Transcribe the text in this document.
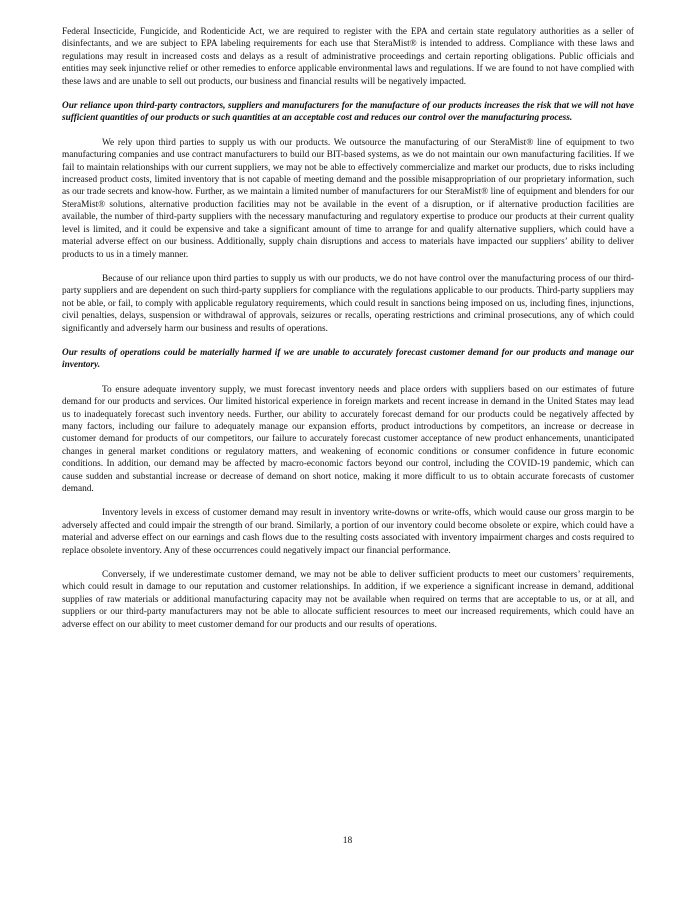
Federal Insecticide, Fungicide, and Rodenticide Act, we are required to register with the EPA and certain state regulatory authorities as a seller of disinfectants, and we are subject to EPA labeling requirements for each use that SteraMist® is intended to address. Compliance with these laws and regulations may result in increased costs and delays as a result of administrative proceedings and certain reporting obligations. Public officials and entities may seek injunctive relief or other remedies to enforce applicable environmental laws and regulations. If we are found to not have complied with these laws and are unable to sell out products, our business and financial results will be negatively impacted.

Our reliance upon third-party contractors, suppliers and manufacturers for the manufacture of our products increases the risk that we will not have sufficient quantities of our products or such quantities at an acceptable cost and reduces our control over the manufacturing process.

We rely upon third parties to supply us with our products. We outsource the manufacturing of our SteraMist® line of equipment to two manufacturing companies and use contract manufacturers to build our BIT-based systems, as we do not maintain our own manufacturing facilities. If we fail to maintain relationships with our current suppliers, we may not be able to effectively commercialize and market our products, due to risks including increased product costs, limited inventory that is not capable of meeting demand and the possible misappropriation of our proprietary information, such as our trade secrets and know-how. Further, as we maintain a limited number of manufacturers for our SteraMist® line of equipment and blenders for our SteraMist® solutions, alternative production facilities may not be available in the event of a disruption, or if alternative production facilities are available, the number of third-party suppliers with the necessary manufacturing and regulatory expertise to produce our products at their current quality level is limited, and it could be expensive and take a significant amount of time to arrange for and qualify alternative suppliers, which could have a material adverse effect on our business. Additionally, supply chain disruptions and access to materials have impacted our suppliers’ ability to deliver products to us in a timely manner.

Because of our reliance upon third parties to supply us with our products, we do not have control over the manufacturing process of our third-party suppliers and are dependent on such third-party suppliers for compliance with the regulations applicable to our products. Third-party suppliers may not be able, or fail, to comply with applicable regulatory requirements, which could result in sanctions being imposed on us, including fines, injunctions, civil penalties, delays, suspension or withdrawal of approvals, seizures or recalls, operating restrictions and criminal prosecutions, any of which could significantly and adversely harm our business and results of operations.

Our results of operations could be materially harmed if we are unable to accurately forecast customer demand for our products and manage our inventory.

To ensure adequate inventory supply, we must forecast inventory needs and place orders with suppliers based on our estimates of future demand for our products and services. Our limited historical experience in foreign markets and recent increase in demand in the United States may lead us to inadequately forecast such inventory needs. Further, our ability to accurately forecast demand for our products could be negatively affected by many factors, including our failure to adequately manage our expansion efforts, product introductions by competitors, an increase or decrease in customer demand for products of our competitors, our failure to accurately forecast customer acceptance of new product enhancements, unanticipated changes in general market conditions or regulatory matters, and weakening of economic conditions or consumer confidence in future economic conditions. In addition, our demand may be affected by macro-economic factors beyond our control, including the COVID-19 pandemic, which can cause sudden and substantial increase or decrease of demand on short notice, making it more difficult to us to obtain accurate forecasts of customer demand.

Inventory levels in excess of customer demand may result in inventory write-downs or write-offs, which would cause our gross margin to be adversely affected and could impair the strength of our brand. Similarly, a portion of our inventory could become obsolete or expire, which could have a material and adverse effect on our earnings and cash flows due to the resulting costs associated with inventory impairment charges and costs required to replace obsolete inventory. Any of these occurrences could negatively impact our financial performance.

Conversely, if we underestimate customer demand, we may not be able to deliver sufficient products to meet our customers’ requirements, which could result in damage to our reputation and customer relationships. In addition, if we experience a significant increase in demand, additional supplies of raw materials or additional manufacturing capacity may not be available when required on terms that are acceptable to us, or at all, and suppliers or our third-party manufacturers may not be able to allocate sufficient resources to meet our increased requirements, which could have an adverse effect on our ability to meet customer demand for our products and our results of operations.

18
